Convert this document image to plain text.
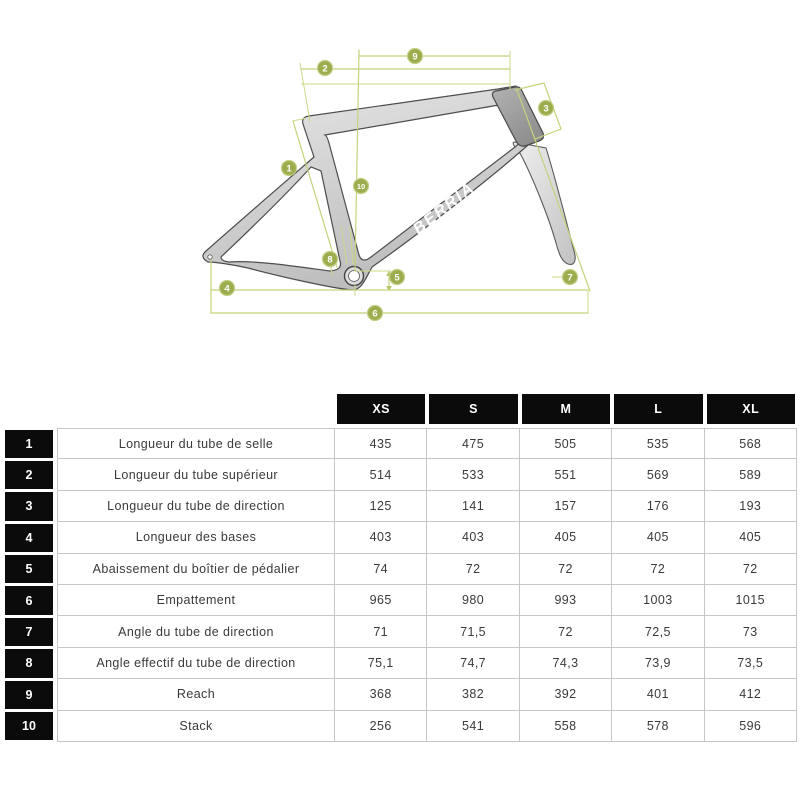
BERRIA
1
2
3
4
5
6
7
8
9
10
XS	S	M	L	XL
1	Longueur du tube de selle	435	475	505	535	568
2	Longueur du tube supérieur	514	533	551	569	589
3	Longueur du tube de direction	125	141	157	176	193
4	Longueur des bases	403	403	405	405	405
5	Abaissement du boîtier de pédalier	74	72	72	72	72
6	Empattement	965	980	993	1003	1015
7	Angle du tube de direction	71	71,5	72	72,5	73
8	Angle effectif du tube de direction	75,1	74,7	74,3	73,9	73,5
9	Reach	368	382	392	401	412
10	Stack	256	541	558	578	596
